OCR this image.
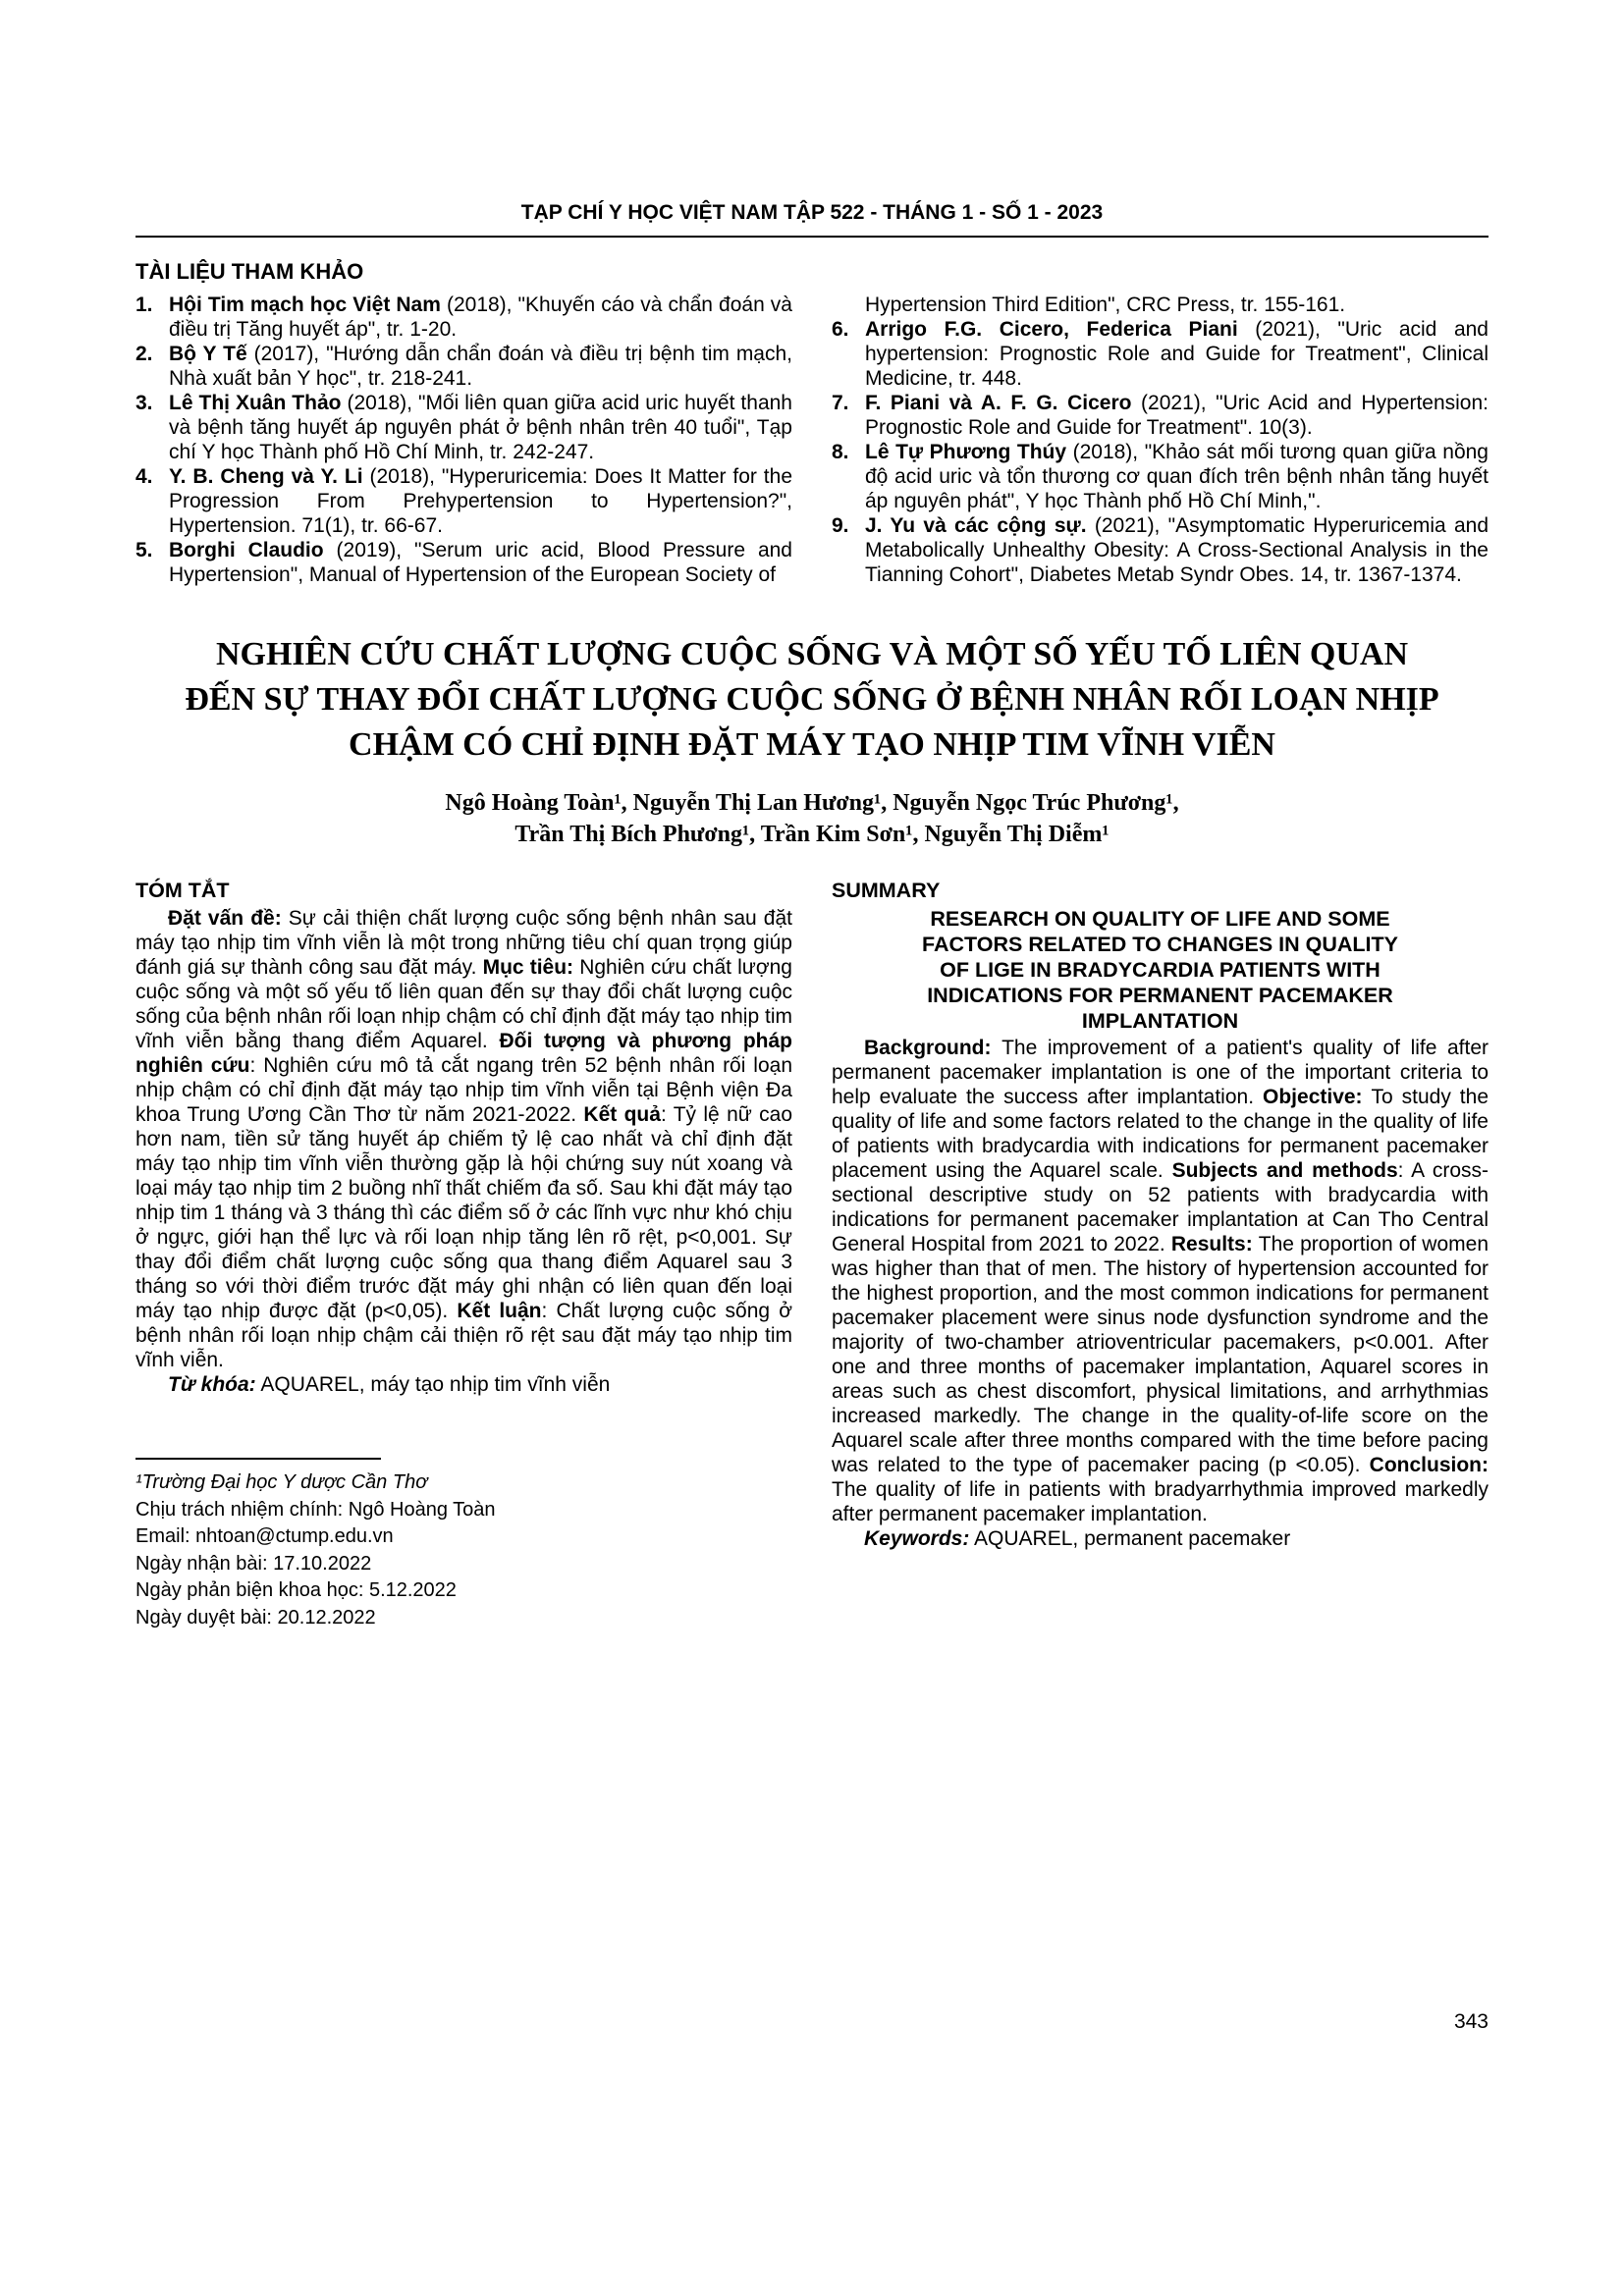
TẠP CHÍ Y HỌC VIỆT NAM TẬP 522 - THÁNG 1 - SỐ 1 - 2023
TÀI LIỆU THAM KHẢO
1. Hội Tim mạch học Việt Nam (2018), "Khuyến cáo và chẩn đoán và điều trị Tăng huyết áp", tr. 1-20.
2. Bộ Y Tế (2017), "Hướng dẫn chẩn đoán và điều trị bệnh tim mạch, Nhà xuất bản Y học", tr. 218-241.
3. Lê Thị Xuân Thảo (2018), "Mối liên quan giữa acid uric huyết thanh và bệnh tăng huyết áp nguyên phát ở bệnh nhân trên 40 tuổi", Tạp chí Y học Thành phố Hồ Chí Minh, tr. 242-247.
4. Y. B. Cheng và Y. Li (2018), "Hyperuricemia: Does It Matter for the Progression From Prehypertension to Hypertension?", Hypertension. 71(1), tr. 66-67.
5. Borghi Claudio (2019), "Serum uric acid, Blood Pressure and Hypertension", Manual of Hypertension of the European Society of
Hypertension Third Edition", CRC Press, tr. 155-161.
6. Arrigo F.G. Cicero, Federica Piani (2021), "Uric acid and hypertension: Prognostic Role and Guide for Treatment", Clinical Medicine, tr. 448.
7. F. Piani và A. F. G. Cicero (2021), "Uric Acid and Hypertension: Prognostic Role and Guide for Treatment". 10(3).
8. Lê Tự Phương Thúy (2018), "Khảo sát mối tương quan giữa nồng độ acid uric và tổn thương cơ quan đích trên bệnh nhân tăng huyết áp nguyên phát", Y học Thành phố Hồ Chí Minh,".
9. J. Yu và các cộng sự. (2021), "Asymptomatic Hyperuricemia and Metabolically Unhealthy Obesity: A Cross-Sectional Analysis in the Tianning Cohort", Diabetes Metab Syndr Obes. 14, tr. 1367-1374.
NGHIÊN CỨU CHẤT LƯỢNG CUỘC SỐNG VÀ MỘT SỐ YẾU TỐ LIÊN QUAN ĐẾN SỰ THAY ĐỔI CHẤT LƯỢNG CUỘC SỐNG Ở BỆNH NHÂN RỐI LOẠN NHỊP CHẬM CÓ CHỈ ĐỊNH ĐẶT MÁY TẠO NHỊP TIM VĨNH VIỄN
Ngô Hoàng Toàn¹, Nguyễn Thị Lan Hương¹, Nguyễn Ngọc Trúc Phương¹,
Trần Thị Bích Phương¹, Trần Kim Sơn¹, Nguyễn Thị Diễm¹
TÓM TẮT

Đặt vấn đề: Sự cải thiện chất lượng cuộc sống bệnh nhân sau đặt máy tạo nhịp tim vĩnh viễn là một trong những tiêu chí quan trọng giúp đánh giá sự thành công sau đặt máy. Mục tiêu: Nghiên cứu chất lượng cuộc sống và một số yếu tố liên quan đến sự thay đổi chất lượng cuộc sống của bệnh nhân rối loạn nhịp chậm có chỉ định đặt máy tạo nhịp tim vĩnh viễn bằng thang điểm Aquarel. Đối tượng và phương pháp nghiên cứu: Nghiên cứu mô tả cắt ngang trên 52 bệnh nhân rối loạn nhịp chậm có chỉ định đặt máy tạo nhịp tim vĩnh viễn tại Bệnh viện Đa khoa Trung Ương Cần Thơ từ năm 2021-2022. Kết quả: Tỷ lệ nữ cao hơn nam, tiền sử tăng huyết áp chiếm tỷ lệ cao nhất và chỉ định đặt máy tạo nhịp tim vĩnh viễn thường gặp là hội chứng suy nút xoang và loại máy tạo nhịp tim 2 buồng nhĩ thất chiếm đa số. Sau khi đặt máy tạo nhịp tim 1 tháng và 3 tháng thì các điểm số ở các lĩnh vực như khó chịu ở ngực, giới hạn thể lực và rối loạn nhịp tăng lên rõ rệt, p<0,001. Sự thay đổi điểm chất lượng cuộc sống qua thang điểm Aquarel sau 3 tháng so với thời điểm trước đặt máy ghi nhận có liên quan đến loại máy tạo nhịp được đặt (p<0,05). Kết luận: Chất lượng cuộc sống ở bệnh nhân rối loạn nhịp chậm cải thiện rõ rệt sau đặt máy tạo nhịp tim vĩnh viễn.

Từ khóa: AQUAREL, máy tạo nhịp tim vĩnh viễn

¹Trường Đại học Y dược Cần Thơ
Chịu trách nhiệm chính: Ngô Hoàng Toàn
Email: nhtoan@ctump.edu.vn
Ngày nhận bài: 17.10.2022
Ngày phản biện khoa học: 5.12.2022
Ngày duyệt bài: 20.12.2022
SUMMARY
RESEARCH ON QUALITY OF LIFE AND SOME FACTORS RELATED TO CHANGES IN QUALITY OF LIGE IN BRADYCARDIA PATIENTS WITH INDICATIONS FOR PERMANENT PACEMAKER IMPLANTATION

Background: The improvement of a patient's quality of life after permanent pacemaker implantation is one of the important criteria to help evaluate the success after implantation. Objective: To study the quality of life and some factors related to the change in the quality of life of patients with bradycardia with indications for permanent pacemaker placement using the Aquarel scale. Subjects and methods: A cross-sectional descriptive study on 52 patients with bradycardia with indications for permanent pacemaker implantation at Can Tho Central General Hospital from 2021 to 2022. Results: The proportion of women was higher than that of men. The history of hypertension accounted for the highest proportion, and the most common indications for permanent pacemaker placement were sinus node dysfunction syndrome and the majority of two-chamber atrioventricular pacemakers, p<0.001. After one and three months of pacemaker implantation, Aquarel scores in areas such as chest discomfort, physical limitations, and arrhythmias increased markedly. The change in the quality-of-life score on the Aquarel scale after three months compared with the time before pacing was related to the type of pacemaker pacing (p <0.05). Conclusion: The quality of life in patients with bradyarrhythmia improved markedly after permanent pacemaker implantation.

Keywords: AQUAREL, permanent pacemaker

343
